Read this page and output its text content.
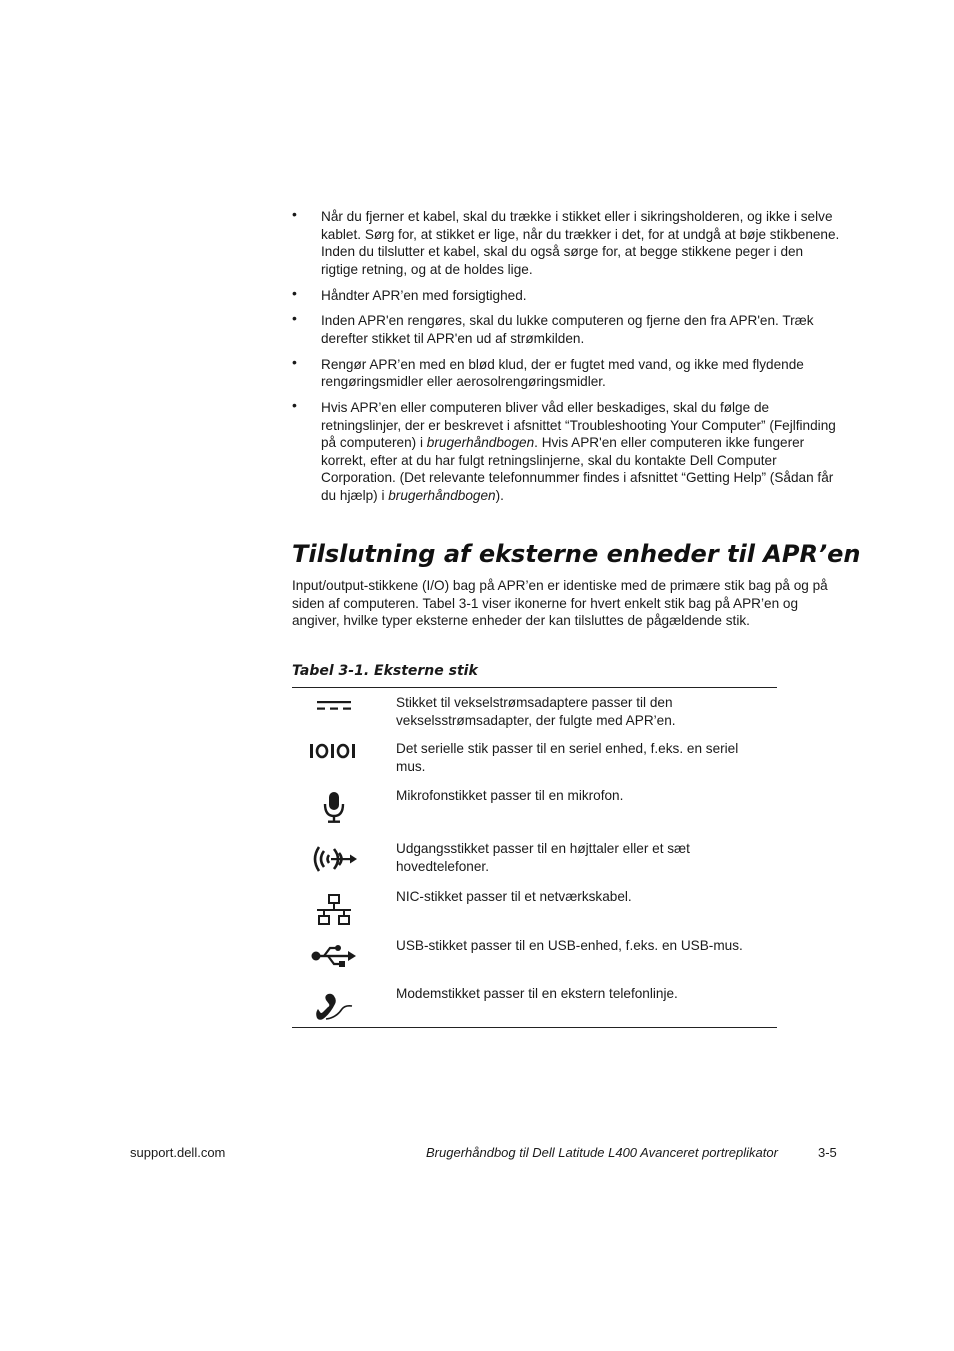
• Når du fjerner et kabel, skal du trække i stikket eller i sikringsholderen, og ikke i selve kablet. Sørg for, at stikket er lige, når du trækker i det, for at undgå at bøje stikbenene. Inden du tilslutter et kabel, skal du også sørge for, at begge stikkene peger i den rigtige retning, og at de holdes lige.
• Håndter APR’en med forsigtighed.
• Inden APR'en rengøres, skal du lukke computeren og fjerne den fra APR'en. Træk derefter stikket til APR'en ud af strømkilden.
• Rengør APR’en med en blød klud, der er fugtet med vand, og ikke med flydende rengøringsmidler eller aerosolrengøringsmidler.
• Hvis APR’en eller computeren bliver våd eller beskadiges, skal du følge de retningslinjer, der er beskrevet i afsnittet “Troubleshooting Your Computer” (Fejlfinding på computeren) i brugerhåndbogen. Hvis APR'en eller computeren ikke fungerer korrekt, efter at du har fulgt retningslinjerne, skal du kontakte Dell Computer Corporation. (Det relevante telefonnummer findes i afsnittet “Getting Help” (Sådan får du hjælp) i brugerhåndbogen).
Tilslutning af eksterne enheder til APR’en

Input/output-stikkene (I/O) bag på APR’en er identiske med de primære stik bag på og på siden af computeren. Tabel 3-1 viser ikonerne for hvert enkelt stik bag på APR’en og angiver, hvilke typer eksterne enheder der kan tilsluttes de pågældende stik.

Tabel 3-1. Eksterne stik

Stikket til vekselstrømsadaptere passer til den vekselsstrømsadapter, der fulgte med APR’en.
Det serielle stik passer til en seriel enhed, f.eks. en seriel mus.
Mikrofonstikket passer til en mikrofon.
Udgangsstikket passer til en højttaler eller et sæt hovedtelefoner.
NIC-stikket passer til et netværkskabel.
USB-stikket passer til en USB-enhed, f.eks. en USB-mus.
Modemstikket passer til en ekstern telefonlinje.
support.dell.com	Brugerhåndbog til Dell Latitude L400 Avanceret portreplikator	3-5
